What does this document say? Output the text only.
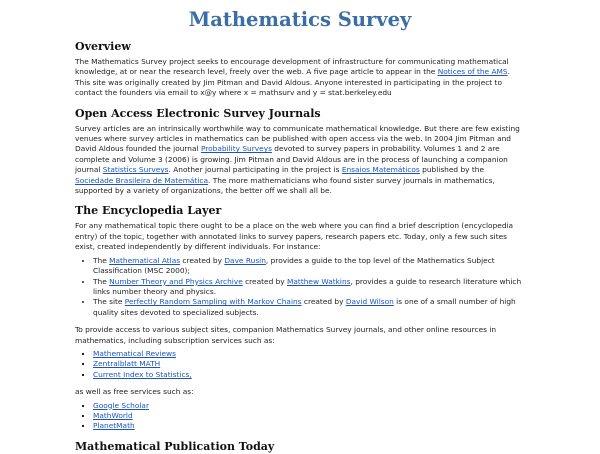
Mathematics Survey
Overview

The Mathematics Survey project seeks to encourage development of infrastructure for communicating mathematical knowledge, at or near the research level, freely over the web. A five page article to appear in the Notices of the AMS. This site was originally created by Jim Pitman and David Aldous. Anyone interested in participating in the project to contact the founders via email to x@y where x = mathsurv and y = stat.berkeley.edu

Open Access Electronic Survey Journals

Survey articles are an intrinsically worthwhile way to communicate mathematical knowledge. But there are few existing venues where survey articles in mathematics can be published with open access via the web. In 2004 Jim Pitman and David Aldous founded the journal Probability Surveys devoted to survey papers in probability. Volumes 1 and 2 are complete and Volume 3 (2006) is growing. Jim Pitman and David Aldous are in the process of launching a companion journal Statistics Surveys. Another journal participating in the project is Ensaios Matemáticos published by the Sociedade Brasileira de Matemática. The more mathematicians who found sister survey journals in mathematics, supported by a variety of organizations, the better off we shall all be.

The Encyclopedia Layer

For any mathematical topic there ought to be a place on the web where you can find a brief description (encyclopedia entry) of the topic, together with annotated links to survey papers, research papers etc. Today, only a few such sites exist, created independently by different individuals. For instance:

• The Mathematical Atlas created by Dave Rusin, provides a guide to the top level of the Mathematics Subject Classification (MSC 2000);
• The Number Theory and Physics Archive created by Matthew Watkins, provides a guide to research literature which links number theory and physics.
• The site Perfectly Random Sampling with Markov Chains created by David Wilson is one of a small number of high quality sites devoted to specialized subjects.

To provide access to various subject sites, companion Mathematics Survey journals, and other online resources in mathematics, including subscription services such as:

▪ Mathematical Reviews
▪ Zentralblatt MATH
▪ Current Index to Statistics,

as well as free services such as:

▪ Google Scholar
▪ MathWorld
▪ PlanetMath
Mathematical Publication Today
